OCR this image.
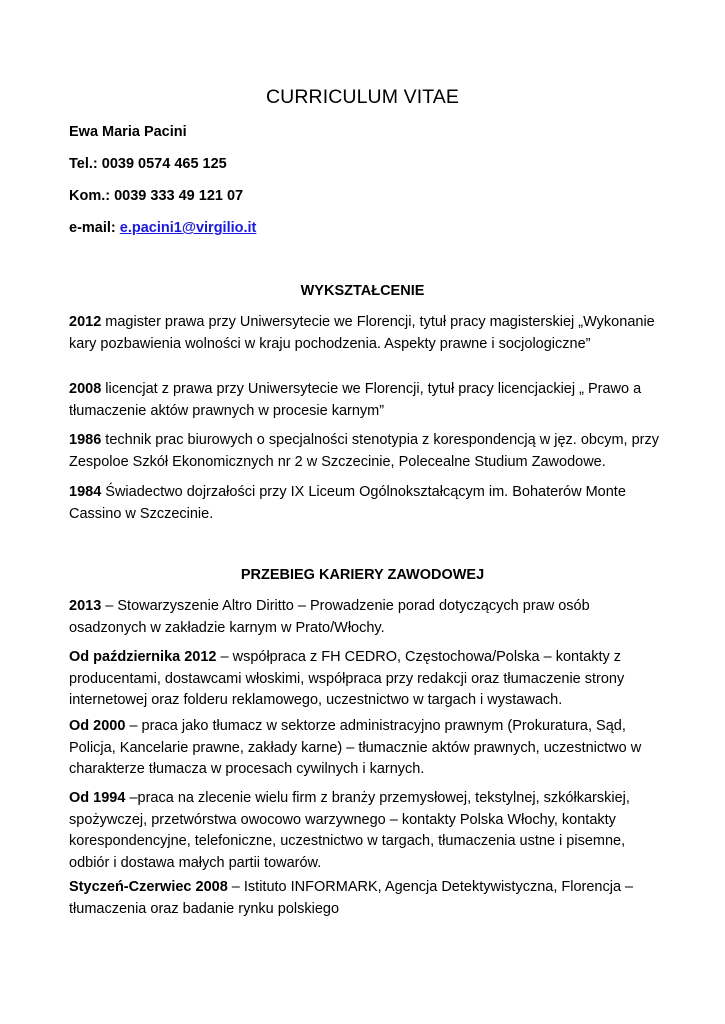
CURRICULUM VITAE
Ewa Maria Pacini
Tel.: 0039 0574 465 125
Kom.: 0039 333 49 121 07
e-mail: e.pacini1@virgilio.it
WYKSZTAŁCENIE

2012 magister prawa przy Uniwersytecie we Florencji, tytuł pracy magisterskiej „Wykonanie kary pozbawienia wolności w kraju pochodzenia. Aspekty prawne i socjologiczne”

2008 licencjat z prawa przy Uniwersytecie we Florencji, tytuł pracy licencjackiej „ Prawo a tłumaczenie aktów prawnych w procesie karnym”

1986 technik prac biurowych o specjalności stenotypia z korespondencją w jęz. obcym, przy Zespoloe Szkół Ekonomicznych nr 2 w Szczecinie, Polecealne Studium Zawodowe.

1984 Świadectwo dojrzałości przy IX Liceum Ogólnokształcącym im. Bohaterów Monte Cassino w Szczecinie.

PRZEBIEG KARIERY ZAWODOWEJ

2013 – Stowarzyszenie Altro Diritto – Prowadzenie porad dotyczących praw osób osadzonych w zakładzie karnym w Prato/Włochy.

Od października 2012 – współpraca z FH CEDRO, Częstochowa/Polska – kontakty z producentami, dostawcami włoskimi, współpraca przy redakcji oraz tłumaczenie strony internetowej oraz folderu reklamowego, uczestnictwo w targach i wystawach.

Od 2000 – praca jako tłumacz w sektorze administracyjno prawnym (Prokuratura, Sąd, Policja, Kancelarie prawne, zakłady karne) – tłumacznie aktów prawnych, uczestnictwo w charakterze tłumacza w procesach cywilnych i karnych.

Od 1994 –praca na zlecenie wielu firm z branży przemysłowej, tekstylnej, szkółkarskiej, spożywczej, przetwórstwa owocowo warzywnego – kontakty Polska Włochy, kontakty korespondencyjne, telefoniczne, uczestnictwo w targach, tłumaczenia ustne i pisemne, odbiór i dostawa małych partii towarów.

Styczeń-Czerwiec 2008 – Istituto INFORMARK, Agencja Detektywistyczna, Florencja – tłumaczenia oraz badanie rynku polskiego
